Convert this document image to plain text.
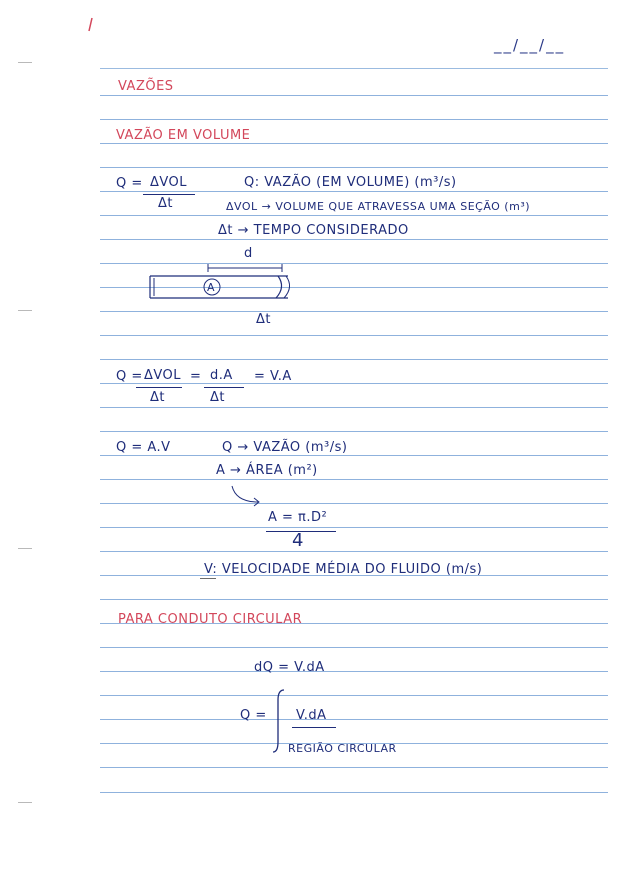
__/__/__
VAZÕES
VAZÃO EM VOLUME
Q = ΔVOL
Δt
Q: VAZÃO (EM VOLUME) (m³/s)
ΔVOL → VOLUME QUE ATRAVESSA UMA SEÇÃO (m³)
Δt → TEMPO CONSIDERADO
d
A
Δt
Q = ΔVOL
Δt
= d.A
Δt
= V.A
Q = A.V	Q → VAZÃO (m³/s)
A → ÁREA (m²)
A = π.D²
4
V: VELOCIDADE MÉDIA DO FLUIDO (m/s)
PARA CONDUTO CIRCULAR
dQ = V.dA
Q = V.dA
REGIÃO CIRCULAR
